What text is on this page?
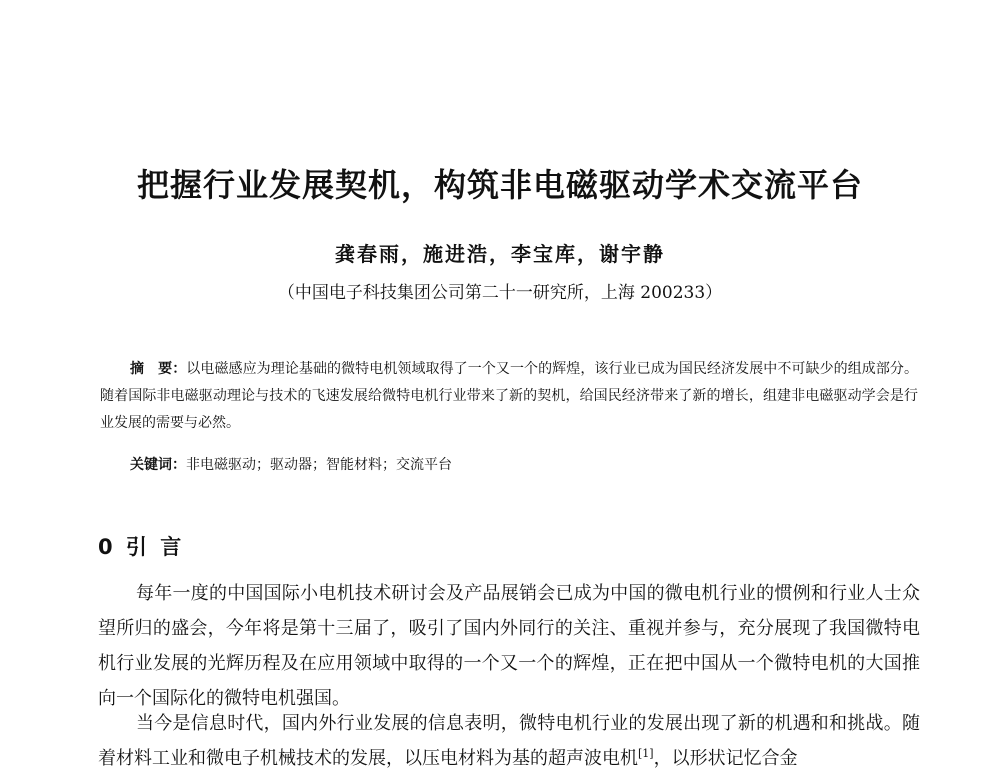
把握行业发展契机，构筑非电磁驱动学术交流平台
龚春雨，施进浩，李宝库，谢宇静
（中国电子科技集团公司第二十一研究所，上海 200233）
摘　要：以电磁感应为理论基础的微特电机领域取得了一个又一个的辉煌，该行业已成为国民经济发展中不可缺少的组成部分。随着国际非电磁驱动理论与技术的飞速发展给微特电机行业带来了新的契机，给国民经济带来了新的增长，组建非电磁驱动学会是行业发展的需要与必然。
关键词：非电磁驱动；驱动器；智能材料；交流平台
0 引 言
每年一度的中国国际小电机技术研讨会及产品展销会已成为中国的微电机行业的惯例和行业人士众望所归的盛会，今年将是第十三届了，吸引了国内外同行的关注、重视并参与，充分展现了我国微特电机行业发展的光辉历程及在应用领域中取得的一个又一个的辉煌，正在把中国从一个微特电机的大国推向一个国际化的微特电机强国。
当今是信息时代，国内外行业发展的信息表明，微特电机行业的发展出现了新的机遇和和挑战。随着材料工业和微电子机械技术的发展，以压电材料为基的超声波电机[1]，以形状记忆合金
